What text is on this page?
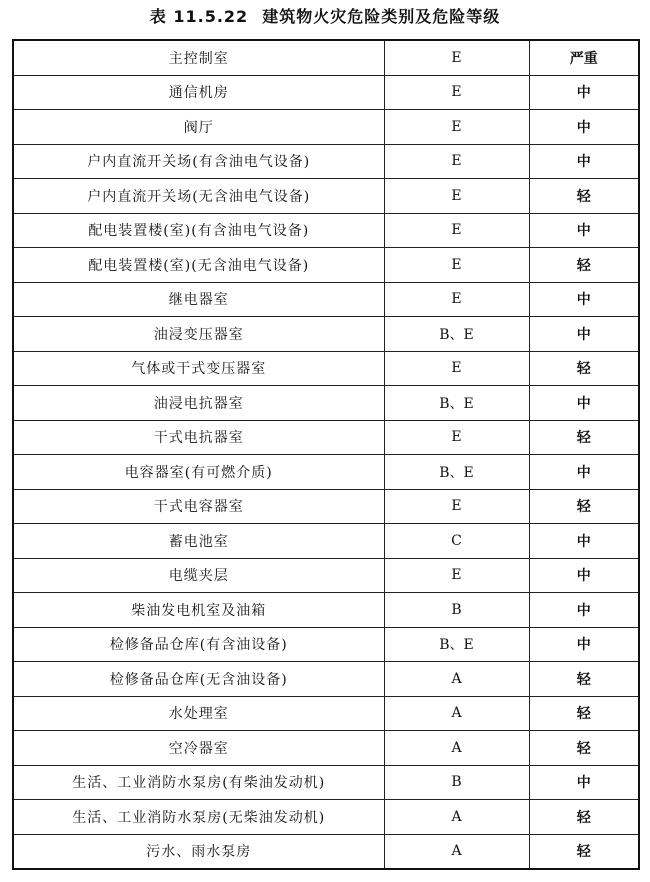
表 11.5.22 建筑物火灾危险类别及危险等级
主控制室	E	严重
通信机房	E	中
阀厅	E	中
户内直流开关场(有含油电气设备)	E	中
户内直流开关场(无含油电气设备)	E	轻
配电装置楼(室)(有含油电气设备)	E	中
配电装置楼(室)(无含油电气设备)	E	轻
继电器室	E	中
油浸变压器室	B、E	中
气体或干式变压器室	E	轻
油浸电抗器室	B、E	中
干式电抗器室	E	轻
电容器室(有可燃介质)	B、E	中
干式电容器室	E	轻
蓄电池室	C	中
电缆夹层	E	中
柴油发电机室及油箱	B	中
检修备品仓库(有含油设备)	B、E	中
检修备品仓库(无含油设备)	A	轻
水处理室	A	轻
空冷器室	A	轻
生活、工业消防水泵房(有柴油发动机)	B	中
生活、工业消防水泵房(无柴油发动机)	A	轻
污水、雨水泵房	A	轻
